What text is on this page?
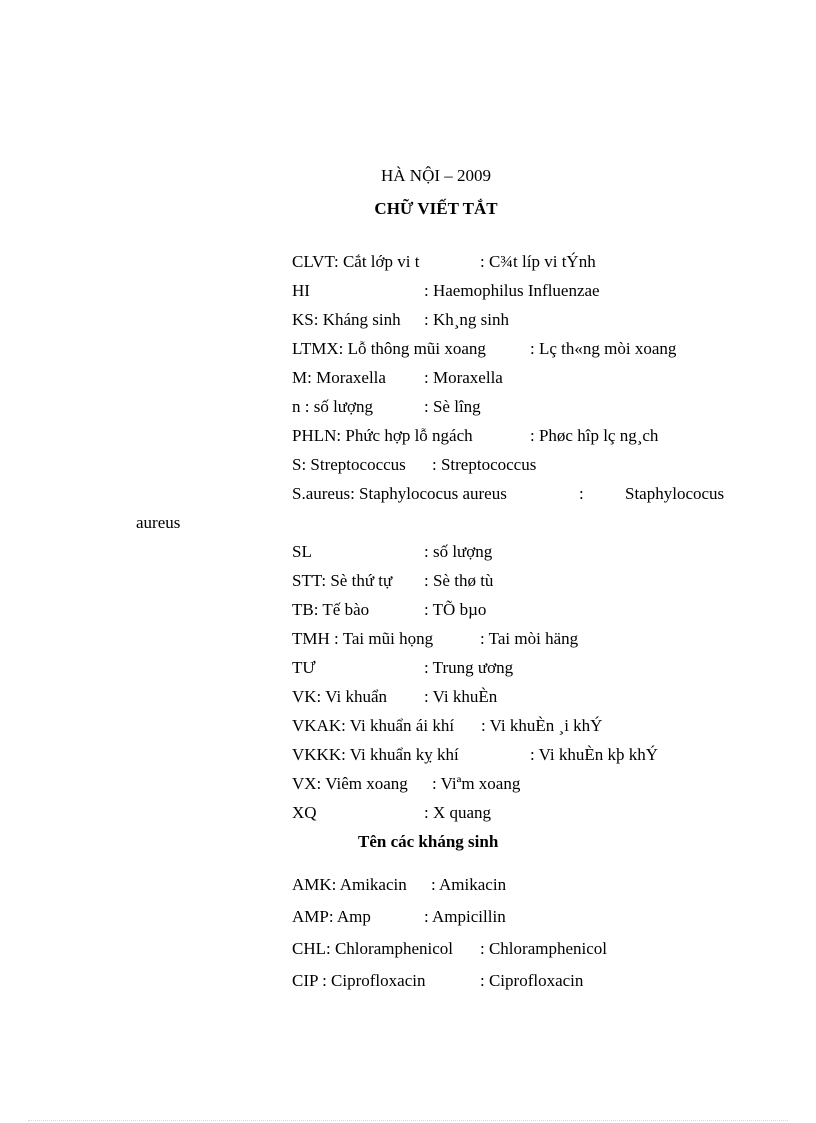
HÀ NỘI – 2009
CHỮ VIẾT TẮT
CLVT: Cắt lớp vi t	: C¾t líp vi tÝnh
HI	: Haemophilus Influenzae
KS: Kháng sinh : Kh¸ng sinh
LTMX: Lỗ thông mũi xoang	: Lç th«ng mòi xoang
M: Moraxella : Moraxella
n : số lượng	: Sè lîng
PHLN: Phức hợp lỗ ngách	: Phøc hîp lç ng¸ch
S: Streptococcus : Streptococcus
S.aureus: Staphylococus aureus	: Staphylococus
aureus
SL	: số lượng
STT: Sè thứ tự : Sè thø tù
TB: Tế bào	: TÕ bµo
TMH : Tai mũi họng	: Tai mòi häng
TƯ	: Trung ương
VK: Vi khuẩn : Vi khuÈn
VKAK: Vi khuẩn ái khí : Vi khuÈn ¸i khÝ
VKKK: Vi khuẩn kỵ khí	: Vi khuÈn kþ khÝ
VX: Viêm xoang : Viªm xoang
XQ	: X quang
Tên các kháng sinh
AMK: Amikacin : Amikacin
AMP: Amp	: Ampicillin
CHL: Chloramphenicol : Chloramphenicol
CIP : Ciprofloxacin	: Ciprofloxacin
